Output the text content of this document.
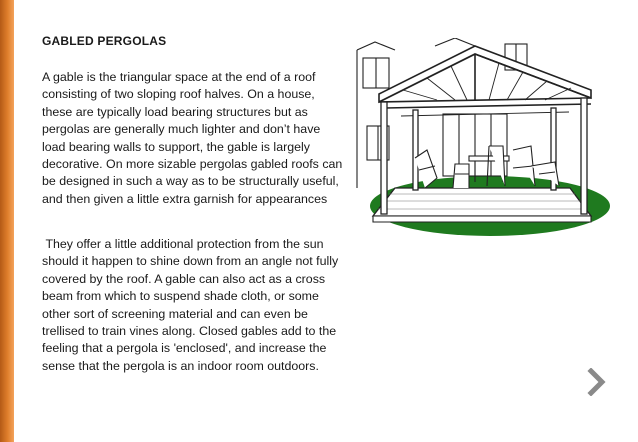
GABLED PERGOLAS

A gable is the triangular space at the end of a roof consisting of two sloping roof halves. On a house, these are typically load bearing structures but as pergolas are generally much lighter and don’t have load bearing walls to support, the gable is largely decorative. On more sizable pergolas gabled roofs can be designed in such a way as to be structurally useful, and then given a little extra garnish for appearances

They offer a little additional protection from the sun should it happen to shine down from an angle not fully covered by the roof. A gable can also act as a cross beam from which to suspend shade cloth, or some other sort of screening material and can even be trellised to train vines along. Closed gables add to the feeling that a pergola is 'enclosed', and increase the sense that the pergola is an indoor room outdoors.
